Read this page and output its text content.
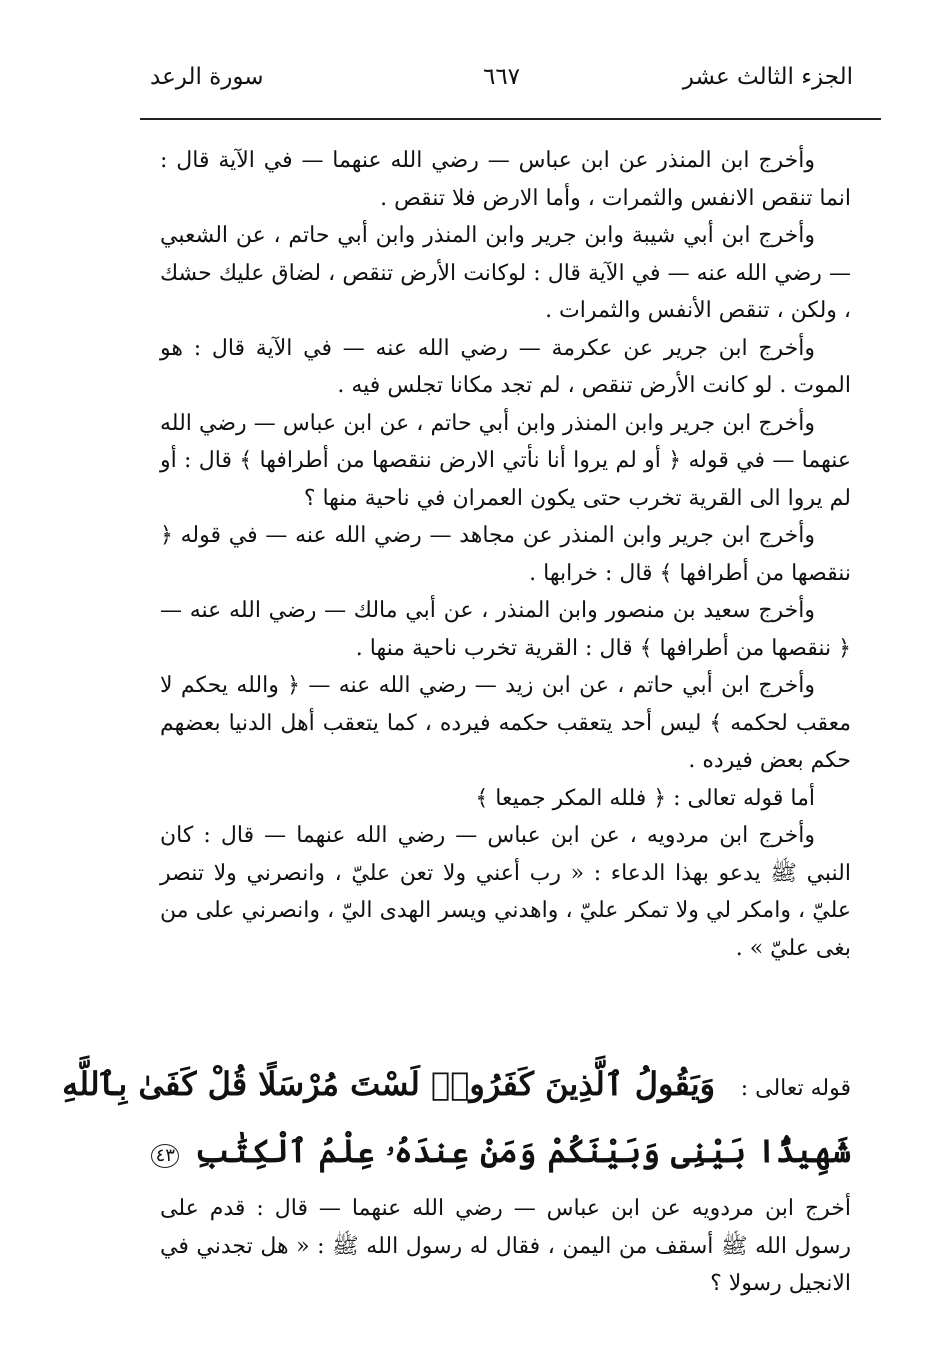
الجزء الثالث عشر
٦٦٧
سورة الرعد

وأخرج ابن المنذر عن ابن عباس — رضي الله عنهما — في الآية قال : انما تنقص الانفس والثمرات ، وأما الارض فلا تنقص .

وأخرج ابن أبي شيبة وابن جرير وابن المنذر وابن أبي حاتم ، عن الشعبي — رضي الله عنه — في الآية قال : لوكانت الأرض تنقص ، لضاق عليك حشك ، ولكن ، تنقص الأنفس والثمرات .

وأخرج ابن جرير عن عكرمة — رضي الله عنه — في الآية قال : هو الموت . لو كانت الأرض تنقص ، لم تجد مكانا تجلس فيه .

وأخرج ابن جرير وابن المنذر وابن أبي حاتم ، عن ابن عباس — رضي الله عنهما — في قوله ﴿ أو لم يروا أنا نأتي الارض ننقصها من أطرافها ﴾ قال : أو لم يروا الى القرية تخرب حتى يكون العمران في ناحية منها ؟

وأخرج ابن جرير وابن المنذر عن مجاهد — رضي الله عنه — في قوله ﴿ ننقصها من أطرافها ﴾ قال : خرابها .

وأخرج سعيد بن منصور وابن المنذر ، عن أبي مالك — رضي الله عنه — ﴿ ننقصها من أطرافها ﴾ قال : القرية تخرب ناحية منها .

وأخرج ابن أبي حاتم ، عن ابن زيد — رضي الله عنه — ﴿ والله يحكم لا معقب لحكمه ﴾ ليس أحد يتعقب حكمه فيرده ، كما يتعقب أهل الدنيا بعضهم حكم بعض فيرده .

أما قوله تعالى : ﴿ فلله المكر جميعا ﴾

وأخرج ابن مردويه ، عن ابن عباس — رضي الله عنهما — قال : كان النبي ﷺ يدعو بهذا الدعاء : « رب أعني ولا تعن عليّ ، وانصرني ولا تنصر عليّ ، وامكر لي ولا تمكر عليّ ، واهدني ويسر الهدى اليّ ، وانصرني على من بغى عليّ » .

قوله تعالى : وَيَقُولُ ٱلَّذِينَ كَفَرُوا۟ لَسْتَ مُرْسَلًا قُلْ كَفَىٰ بِٱللَّهِ
شَهِيدًۢا بَيْنِى وَبَيْنَكُمْ وَمَنْ عِندَهُۥ عِلْمُ ٱلْكِتَٰبِ ٤٣

أخرج ابن مردويه عن ابن عباس — رضي الله عنهما — قال : قدم على رسول الله ﷺ أسقف من اليمن ، فقال له رسول الله ﷺ : « هل تجدني في الانجيل رسولا ؟
